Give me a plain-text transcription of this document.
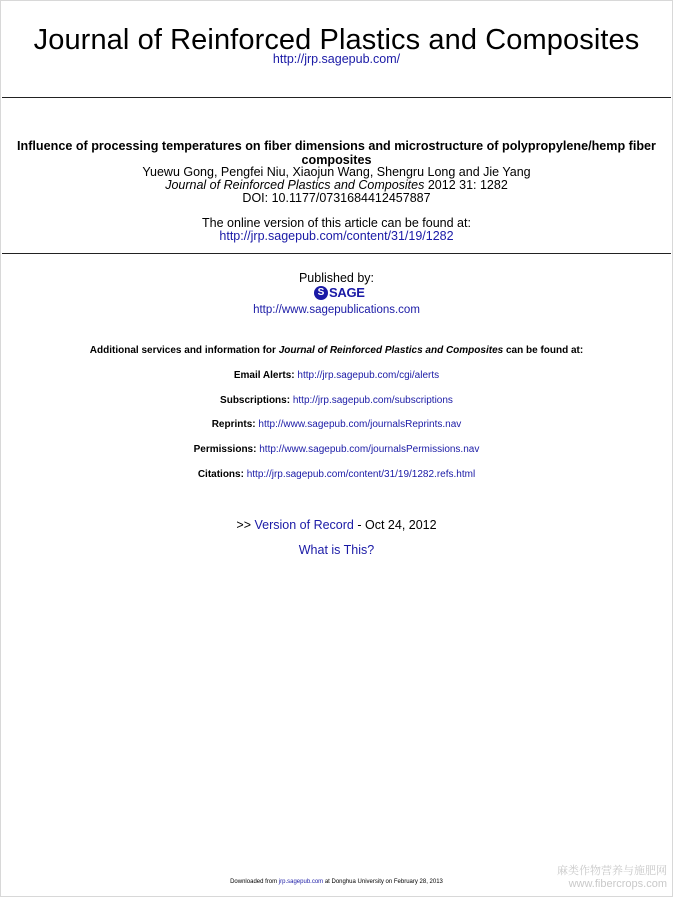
Journal of Reinforced Plastics and Composites
http://jrp.sagepub.com/
Influence of processing temperatures on fiber dimensions and microstructure of polypropylene/hemp fiber composites
Yuewu Gong, Pengfei Niu, Xiaojun Wang, Shengru Long and Jie Yang
Journal of Reinforced Plastics and Composites 2012 31: 1282
DOI: 10.1177/0731684412457887
The online version of this article can be found at:
http://jrp.sagepub.com/content/31/19/1282
Published by:
S SAGE
http://www.sagepublications.com
Additional services and information for Journal of Reinforced Plastics and Composites can be found at:
Email Alerts: http://jrp.sagepub.com/cgi/alerts
Subscriptions: http://jrp.sagepub.com/subscriptions
Reprints: http://www.sagepub.com/journalsReprints.nav
Permissions: http://www.sagepub.com/journalsPermissions.nav
Citations: http://jrp.sagepub.com/content/31/19/1282.refs.html
>> Version of Record - Oct 24, 2012
What is This?
Downloaded from jrp.sagepub.com at Donghua University on February 28, 2013
麻类作物营养与施肥网
www.fibercrops.com
